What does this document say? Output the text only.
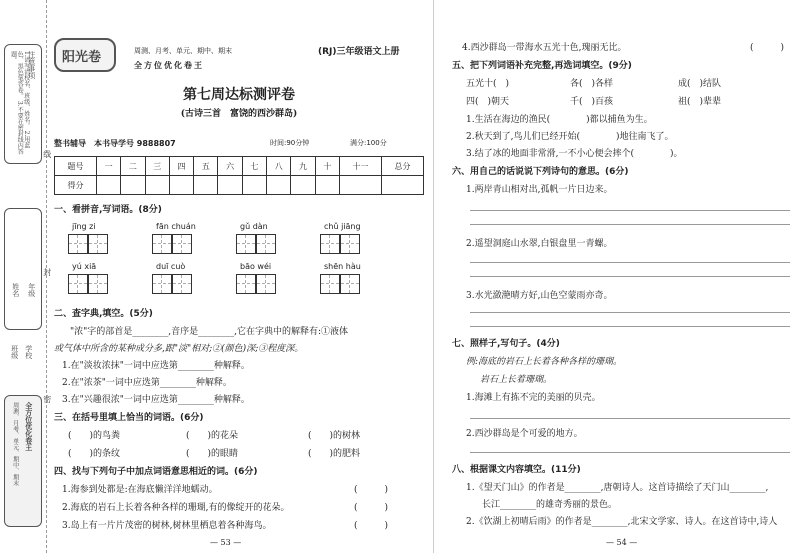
注意事项
1.请写清校名、班级、姓名。 2.用蓝色、黑色笔答卷。 3.不要在密封线内答题。
年级
姓名
线
封
密
学校
班级
全方位优化卷王
周测、月考、单元、期中、期末
阳光卷	周测、月考、单元、期中、期末
全方位优化卷王
(RJ)三年级语文上册
第七周达标测评卷
(古诗三首　富饶的西沙群岛)
整书辅导　本书导学号 9888807	时间:90分钟	满分:100分
题号	一	二	三	四	五	六	七	八	九	十	十一	总分
得分												
一、看拼音,写词语。(8分)
jīng zi	fān chuán	gǔ dàn	chǔ jiāng
yú xiā	duī cuò	bāo wéi	shēn hàu
二、查字典,填空。(5分)
"浓"字的部首是________,音序是________,它在字典中的解释有:①液体
或气体中所含的某种成分多,跟"淡"相对;②(颜色)深;③程度深。
1.在"淡妆浓抹"一词中应选第________种解释。
2.在"浓茶"一词中应选第________种解释。
3.在"兴趣很浓"一词中应选第________种解释。
三、在括号里填上恰当的词语。(6分)
(　　)的鸟粪	(　　)的花朵	(　　)的树林
(　　)的条纹	(　　)的眼睛	(　　)的肥料
四、找与下列句子中加点词语意思相近的词。(6分)
1.海参到处都是:在海底懒洋洋地蠕动。	(　　　)
2.海底的岩石上长着各种各样的珊瑚,有的像绽开的花朵。	(　　　)
3.岛上有一片片茂密的树林,树林里栖息着各种海鸟。	(　　　)
— 53 —
4.西沙群岛一带海水五光十色,瑰丽无比。	(　　　)
五、把下列词语补充完整,再选词填空。(9分)
五光十(　)	各(　)各样	成(　)结队
四(　)朝天	千(　)百孩	祖(　)辈辈
1.生活在海边的渔民(　　　　)都以捕鱼为生。
2.秋天到了,鸟儿们已经开始(　　　　)地往南飞了。
3.结了冰的地面非常滑,一不小心便会摔个(　　　　)。
六、用自己的话说说下列诗句的意思。(6分)
1.两岸青山相对出,孤帆一片日边来。
2.遥望洞庭山水翠,白银盘里一青螺。
3.水光潋滟晴方好,山色空蒙雨亦奇。
七、照样子,写句子。(4分)
例:海底的岩石上长着各种各样的珊瑚。
岩石上长着珊瑚。
1.海滩上有拣不完的美丽的贝壳。
2.西沙群岛是个可爱的地方。
八、根据课文内容填空。(11分)
1.《望天门山》的作者是________,唐朝诗人。这首诗描绘了天门山________,
长江________的雄奇秀丽的景色。
2.《饮湖上初晴后雨》的作者是________,北宋文学家、诗人。在这首诗中,诗人
— 54 —
